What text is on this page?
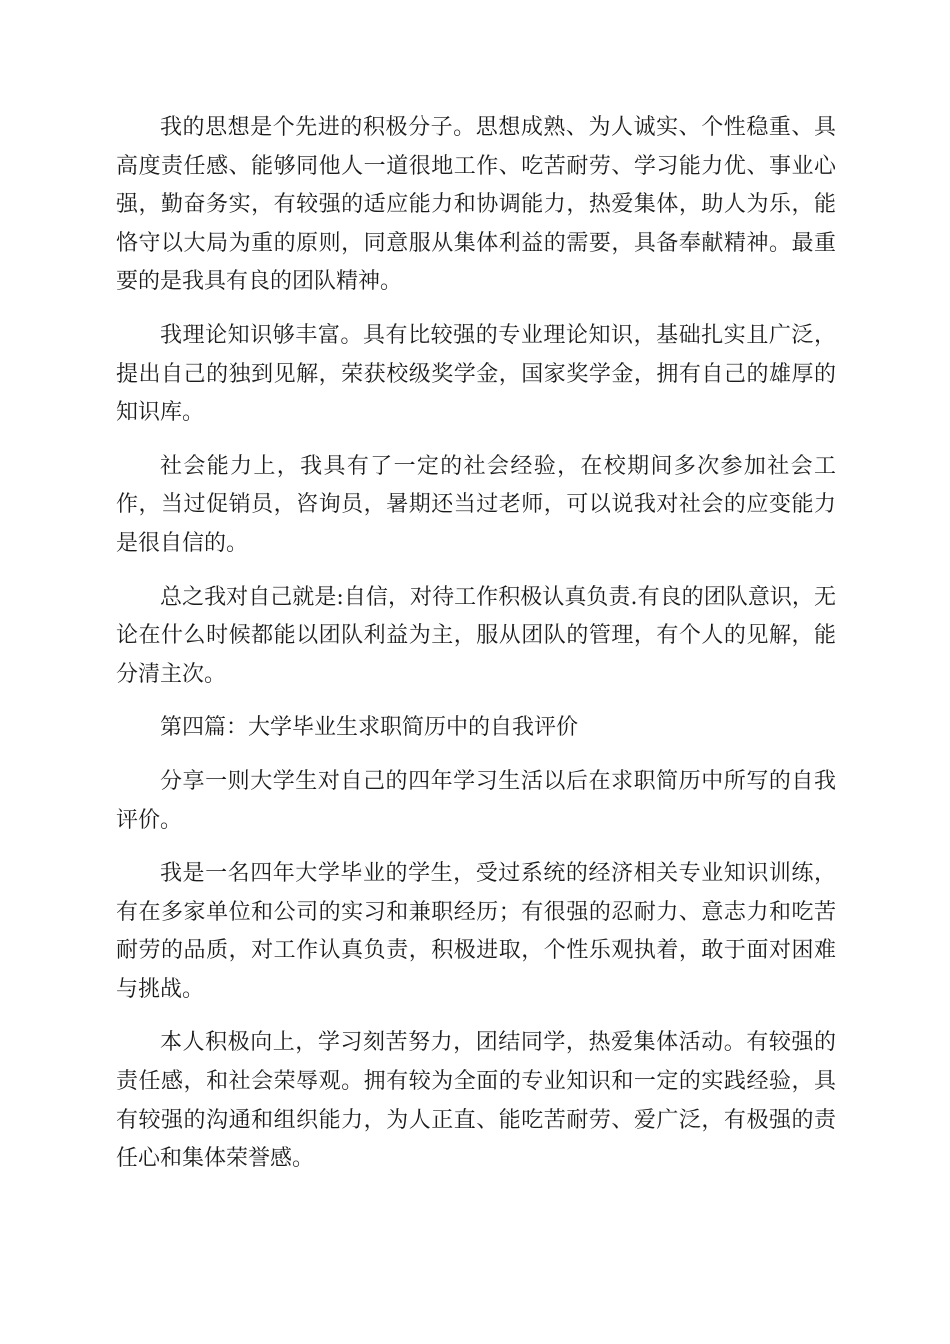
我的思想是个先进的积极分子。思想成熟、为人诚实、个性稳重、具高度责任感、能够同他人一道很地工作、吃苦耐劳、学习能力优、事业心强，勤奋务实，有较强的适应能力和协调能力，热爱集体，助人为乐，能恪守以大局为重的原则，同意服从集体利益的需要，具备奉献精神。最重要的是我具有良的团队精神。

我理论知识够丰富。具有比较强的专业理论知识，基础扎实且广泛，提出自己的独到见解，荣获校级奖学金，国家奖学金，拥有自己的雄厚的知识库。

社会能力上，我具有了一定的社会经验，在校期间多次参加社会工作，当过促销员，咨询员，暑期还当过老师，可以说我对社会的应变能力是很自信的。

总之我对自己就是:自信，对待工作积极认真负责.有良的团队意识，无论在什么时候都能以团队利益为主，服从团队的管理，有个人的见解，能分清主次。

第四篇：大学毕业生求职简历中的自我评价

分享一则大学生对自己的四年学习生活以后在求职简历中所写的自我评价。

我是一名四年大学毕业的学生，受过系统的经济相关专业知识训练，有在多家单位和公司的实习和兼职经历；有很强的忍耐力、意志力和吃苦耐劳的品质，对工作认真负责，积极进取，个性乐观执着，敢于面对困难与挑战。

本人积极向上，学习刻苦努力，团结同学，热爱集体活动。有较强的责任感，和社会荣辱观。拥有较为全面的专业知识和一定的实践经验，具有较强的沟通和组织能力，为人正直、能吃苦耐劳、爱广泛，有极强的责任心和集体荣誉感。
